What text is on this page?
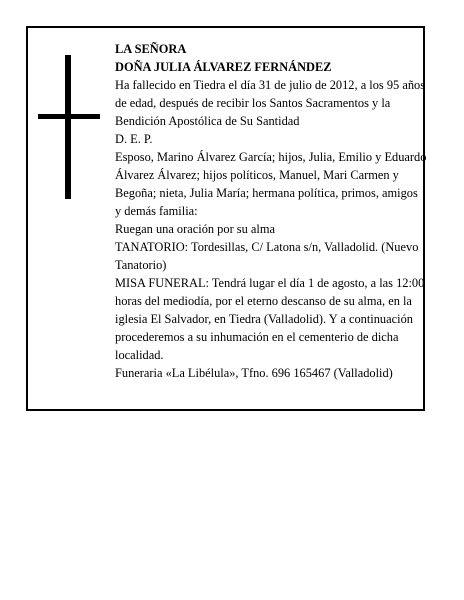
LA SEÑORA

DOÑA JULIA ÁLVAREZ FERNÁNDEZ

Ha fallecido en Tiedra el día 31 de julio de 2012, a los 95 años de edad, después de recibir los Santos Sacramentos y la Bendición Apostólica de Su Santidad

D. E. P.

Esposo, Marino Álvarez García; hijos, Julia, Emilio y Eduardo Álvarez Álvarez; hijos políticos, Manuel, Mari Carmen y Begoña; nieta, Julia María; hermana política, primos, amigos y demás familia:

Ruegan una oración por su alma

TANATORIO: Tordesillas, C/ Latona s/n, Valladolid. (Nuevo Tanatorio)

MISA FUNERAL: Tendrá lugar el día 1 de agosto, a las 12:00 horas del mediodía, por el eterno descanso de su alma, en la iglesia El Salvador, en Tiedra (Valladolid). Y a continuación procederemos a su inhumación en el cementerio de dicha localidad.

Funeraria «La Libélula», Tfno. 696 165467 (Valladolid)
